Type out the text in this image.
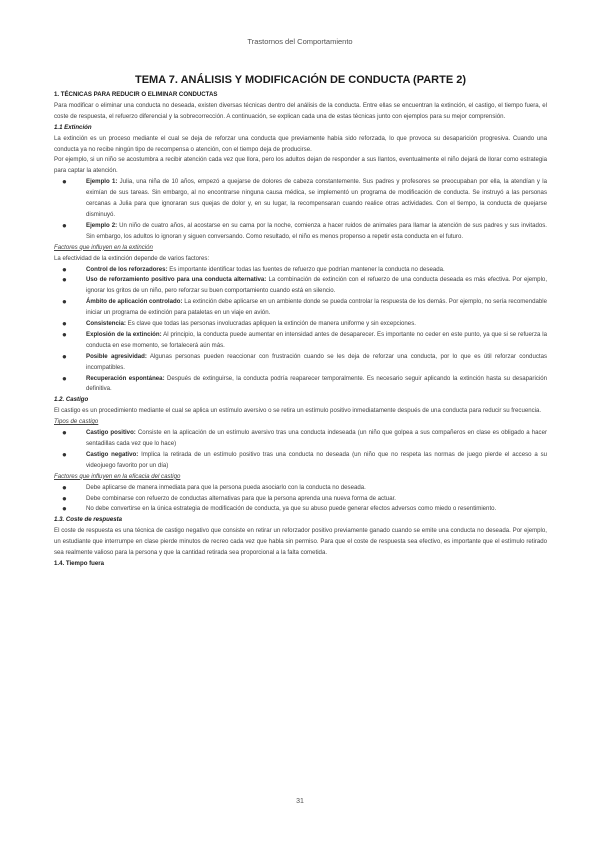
Trastornos del Comportamiento
TEMA 7. ANÁLISIS Y MODIFICACIÓN DE CONDUCTA (PARTE 2)
1. TÉCNICAS PARA REDUCIR O ELIMINAR CONDUCTAS

Para modificar o eliminar una conducta no deseada, existen diversas técnicas dentro del análisis de la conducta. Entre ellas se encuentran la extinción, el castigo, el tiempo fuera, el coste de respuesta, el refuerzo diferencial y la sobrecorrección. A continuación, se explican cada una de estas técnicas junto con ejemplos para su mejor comprensión.

1.1 Extinción

La extinción es un proceso mediante el cual se deja de reforzar una conducta que previamente había sido reforzada, lo que provoca su desaparición progresiva. Cuando una conducta ya no recibe ningún tipo de recompensa o atención, con el tiempo deja de producirse.

Por ejemplo, si un niño se acostumbra a recibir atención cada vez que llora, pero los adultos dejan de responder a sus llantos, eventualmente el niño dejará de llorar como estrategia para captar la atención.

●	Ejemplo 1: Julia, una niña de 10 años, empezó a quejarse de dolores de cabeza constantemente. Sus padres y profesores se preocupaban por ella, la atendían y la eximían de sus tareas. Sin embargo, al no encontrarse ninguna causa médica, se implementó un programa de modificación de conducta. Se instruyó a las personas cercanas a Julia para que ignoraran sus quejas de dolor y, en su lugar, la recompensaran cuando realice otras actividades. Con el tiempo, la conducta de quejarse disminuyó.
●	Ejemplo 2: Un niño de cuatro años, al acostarse en su cama por la noche, comienza a hacer ruidos de animales para llamar la atención de sus padres y sus invitados. Sin embargo, los adultos lo ignoran y siguen conversando. Como resultado, el niño es menos propenso a repetir esta conducta en el futuro.
Factores que influyen en la extinción

La efectividad de la extinción depende de varios factores:

●	Control de los reforzadores: Es importante identificar todas las fuentes de refuerzo que podrían mantener la conducta no deseada.
●	Uso de reforzamiento positivo para una conducta alternativa: La combinación de extinción con el refuerzo de una conducta deseada es más efectiva. Por ejemplo, ignorar los gritos de un niño, pero reforzar su buen comportamiento cuando está en silencio.
●	Ámbito de aplicación controlado: La extinción debe aplicarse en un ambiente donde se pueda controlar la respuesta de los demás. Por ejemplo, no sería recomendable iniciar un programa de extinción para pataletas en un viaje en avión.
●	Consistencia: Es clave que todas las personas involucradas apliquen la extinción de manera uniforme y sin excepciones.
●	Explosión de la extinción: Al principio, la conducta puede aumentar en intensidad antes de desaparecer. Es importante no ceder en este punto, ya que si se refuerza la conducta en ese momento, se fortalecerá aún más.
●	Posible agresividad: Algunas personas pueden reaccionar con frustración cuando se les deja de reforzar una conducta, por lo que es útil reforzar conductas incompatibles.
●	Recuperación espontánea: Después de extinguirse, la conducta podría reaparecer temporalmente. Es necesario seguir aplicando la extinción hasta su desaparición definitiva.
1.2. Castigo

El castigo es un procedimiento mediante el cual se aplica un estímulo aversivo o se retira un estímulo positivo inmediatamente después de una conducta para reducir su frecuencia.

Tipos de castigo
●	Castigo positivo: Consiste en la aplicación de un estímulo aversivo tras una conducta indeseada (un niño que golpea a sus compañeros en clase es obligado a hacer sentadillas cada vez que lo hace)
●	Castigo negativo: Implica la retirada de un estímulo positivo tras una conducta no deseada (un niño que no respeta las normas de juego pierde el acceso a su videojuego favorito por un día)
Factores que influyen en la eficacia del castigo
●	Debe aplicarse de manera inmediata para que la persona pueda asociarlo con la conducta no deseada.
●	Debe combinarse con refuerzo de conductas alternativas para que la persona aprenda una nueva forma de actuar.
●	No debe convertirse en la única estrategia de modificación de conducta, ya que su abuso puede generar efectos adversos como miedo o resentimiento.
1.3. Coste de respuesta

El coste de respuesta es una técnica de castigo negativo que consiste en retirar un reforzador positivo previamente ganado cuando se emite una conducta no deseada. Por ejemplo, un estudiante que interrumpe en clase pierde minutos de recreo cada vez que habla sin permiso. Para que el coste de respuesta sea efectivo, es importante que el estímulo retirado sea realmente valioso para la persona y que la cantidad retirada sea proporcional a la falta cometida.

1.4. Tiempo fuera
31
